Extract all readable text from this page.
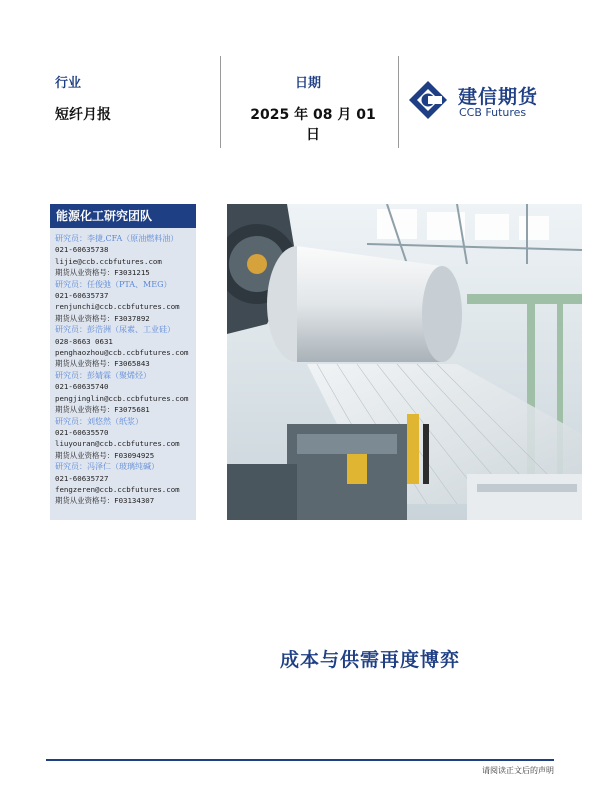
行业
短纤月报
日期
2025 年 08 月 01 日
建信期货
CCB Futures
能源化工研究团队
研究员：李捷,CFA（原油燃料油）
021-60635738
lijie@ccb.ccbfutures.com
期货从业资格号：F3031215
研究员：任俊弛（PTA、MEG）
021-60635737
renjunchi@ccb.ccbfutures.com
期货从业资格号：F3037892
研究员：彭浩洲（尿素、工业硅）
028-8663 0631
penghaozhou@ccb.ccbfutures.com
期货从业资格号：F3065843
研究员：彭婧霖（聚烯烃）
021-60635740
pengjinglin@ccb.ccbfutures.com
期货从业资格号：F3075681
研究员：刘悠然（纸浆）
021-60635570
liuyouran@ccb.ccbfutures.com
期货从业资格号：F03094925
研究员：冯泽仁（玻璃纯碱）
021-60635727
fengzeren@ccb.ccbfutures.com
期货从业资格号：F03134307
成本与供需再度博弈
请阅读正文后的声明
